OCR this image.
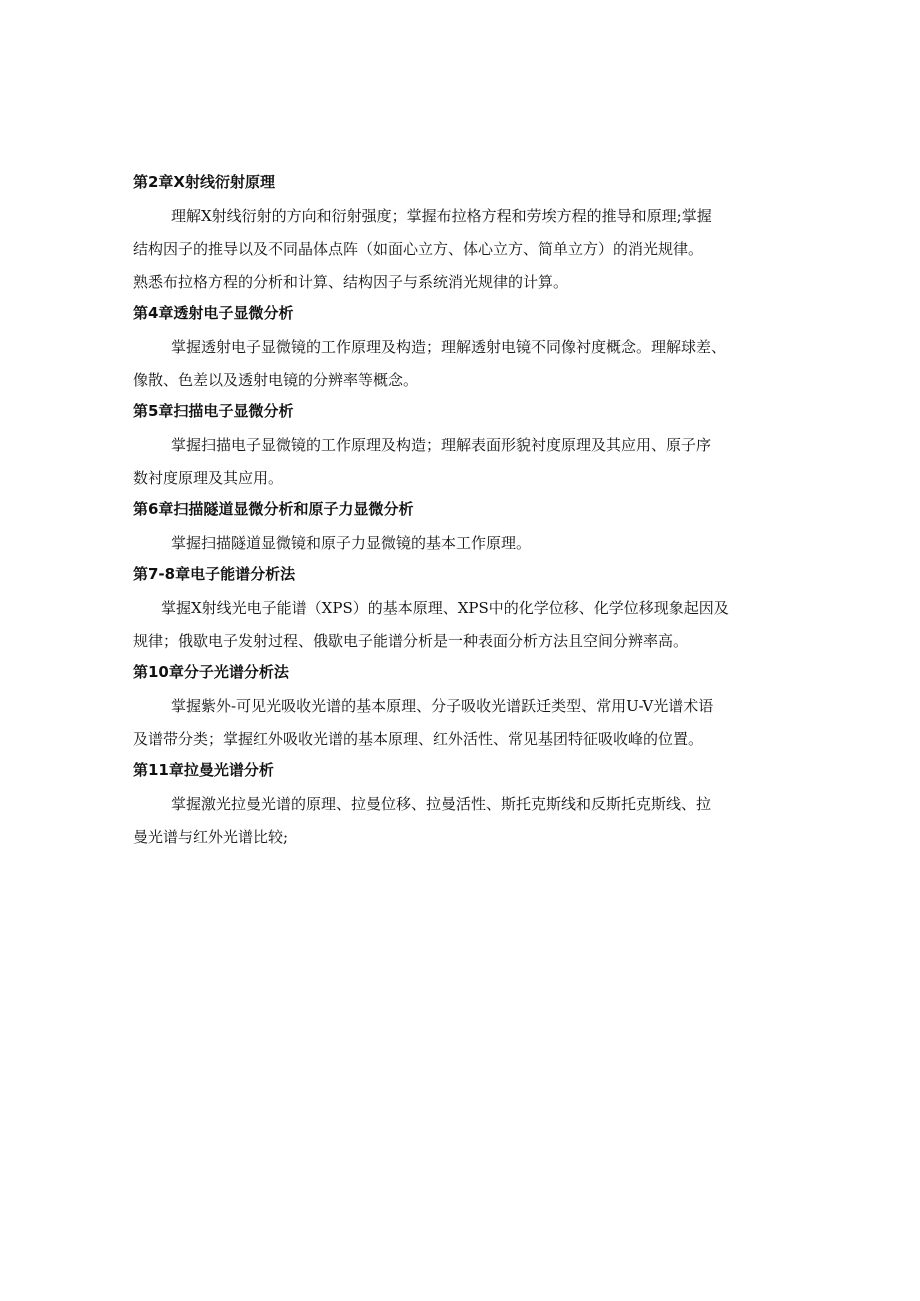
第2章X射线衍射原理
理解X射线衍射的方向和衍射强度；掌握布拉格方程和劳埃方程的推导和原理;掌握
结构因子的推导以及不同晶体点阵（如面心立方、体心立方、简单立方）的消光规律。
熟悉布拉格方程的分析和计算、结构因子与系统消光规律的计算。
第4章透射电子显微分析
掌握透射电子显微镜的工作原理及构造；理解透射电镜不同像衬度概念。理解球差、
像散、色差以及透射电镜的分辨率等概念。
第5章扫描电子显微分析
掌握扫描电子显微镜的工作原理及构造；理解表面形貌衬度原理及其应用、原子序
数衬度原理及其应用。
第6章扫描隧道显微分析和原子力显微分析
掌握扫描隧道显微镜和原子力显微镜的基本工作原理。
第7-8章电子能谱分析法
掌握X射线光电子能谱（XPS）的基本原理、XPS中的化学位移、化学位移现象起因及
规律；俄歇电子发射过程、俄歇电子能谱分析是一种表面分析方法且空间分辨率高。
第10章分子光谱分析法
掌握紫外-可见光吸收光谱的基本原理、分子吸收光谱跃迁类型、常用U-V光谱术语
及谱带分类；掌握红外吸收光谱的基本原理、红外活性、常见基团特征吸收峰的位置。
第11章拉曼光谱分析
掌握激光拉曼光谱的原理、拉曼位移、拉曼活性、斯托克斯线和反斯托克斯线、拉
曼光谱与红外光谱比较;
